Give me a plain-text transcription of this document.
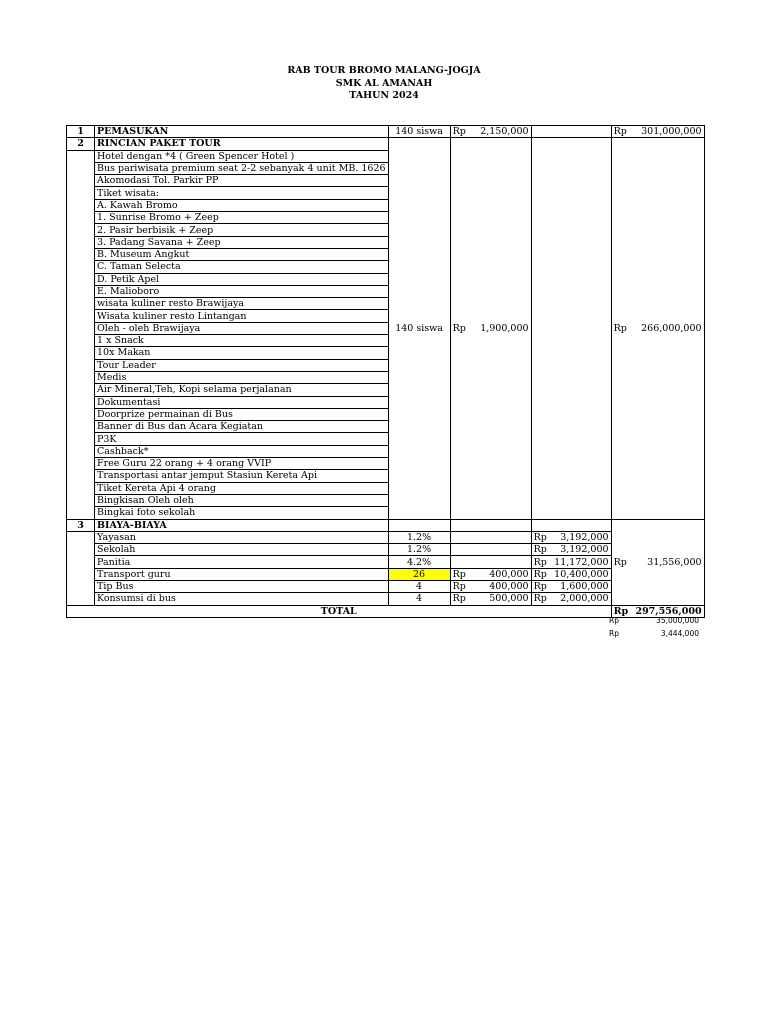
RAB TOUR BROMO MALANG-JOGJA
SMK AL AMANAH
TAHUN 2024
1	PEMASUKAN	140 siswa	Rp	2,150,000			Rp	301,000,000
2	RINCIAN PAKET TOUR	140 siswa	Rp	1,900,000			Rp	266,000,000
	Hotel dengan *4 ( Green Spencer Hotel )							
	Bus pariwisata premium seat 2-2 sebanyak 4 unit MB. 1626							
	Akomodasi Tol. Parkir PP							
	Tiket wisata:							
	A. Kawah Bromo							
	1. Sunrise Bromo + Zeep							
	2. Pasir berbisik + Zeep							
	3. Padang Savana + Zeep							
	B. Museum Angkut							
	C. Taman Selecta							
	D. Petik Apel							
	E. Malioboro							
	wisata kuliner resto Brawijaya							
	Wisata kuliner resto Lintangan							
	Oleh - oleh Brawijaya							
	1 x Snack							
	10x Makan							
	Tour Leader							
	Medis							
	Air Mineral,Teh, Kopi selama perjalanan							
	Dokumentasi							
	Doorprize permainan di Bus							
	Banner di Bus dan Acara Kegiatan							
	P3K							
	Cashback*							
	Free Guru 22 orang + 4 orang VVIP							
	Transportasi antar jemput Stasiun Kereta Api							
	Tiket Kereta Api 4 orang							
	Bingkisan Oleh oleh							
	Bingkai foto sekolah							
3	BIAYA-BIAYA						Rp	31,556,000
	Yayasan	1.2%			Rp	3,192,000		
	Sekolah	1.2%			Rp	3,192,000		
	Panitia	4.2%			Rp	11,172,000		
	Transport guru	26	Rp	400,000	Rp	10,400,000		
	Tip Bus	4	Rp	400,000	Rp	1,600,000		
	Konsumsi di bus	4	Rp	500,000	Rp	2,000,000		
TOTAL							Rp	297,556,000
Rp	35,000,000
Rp	3,444,000
